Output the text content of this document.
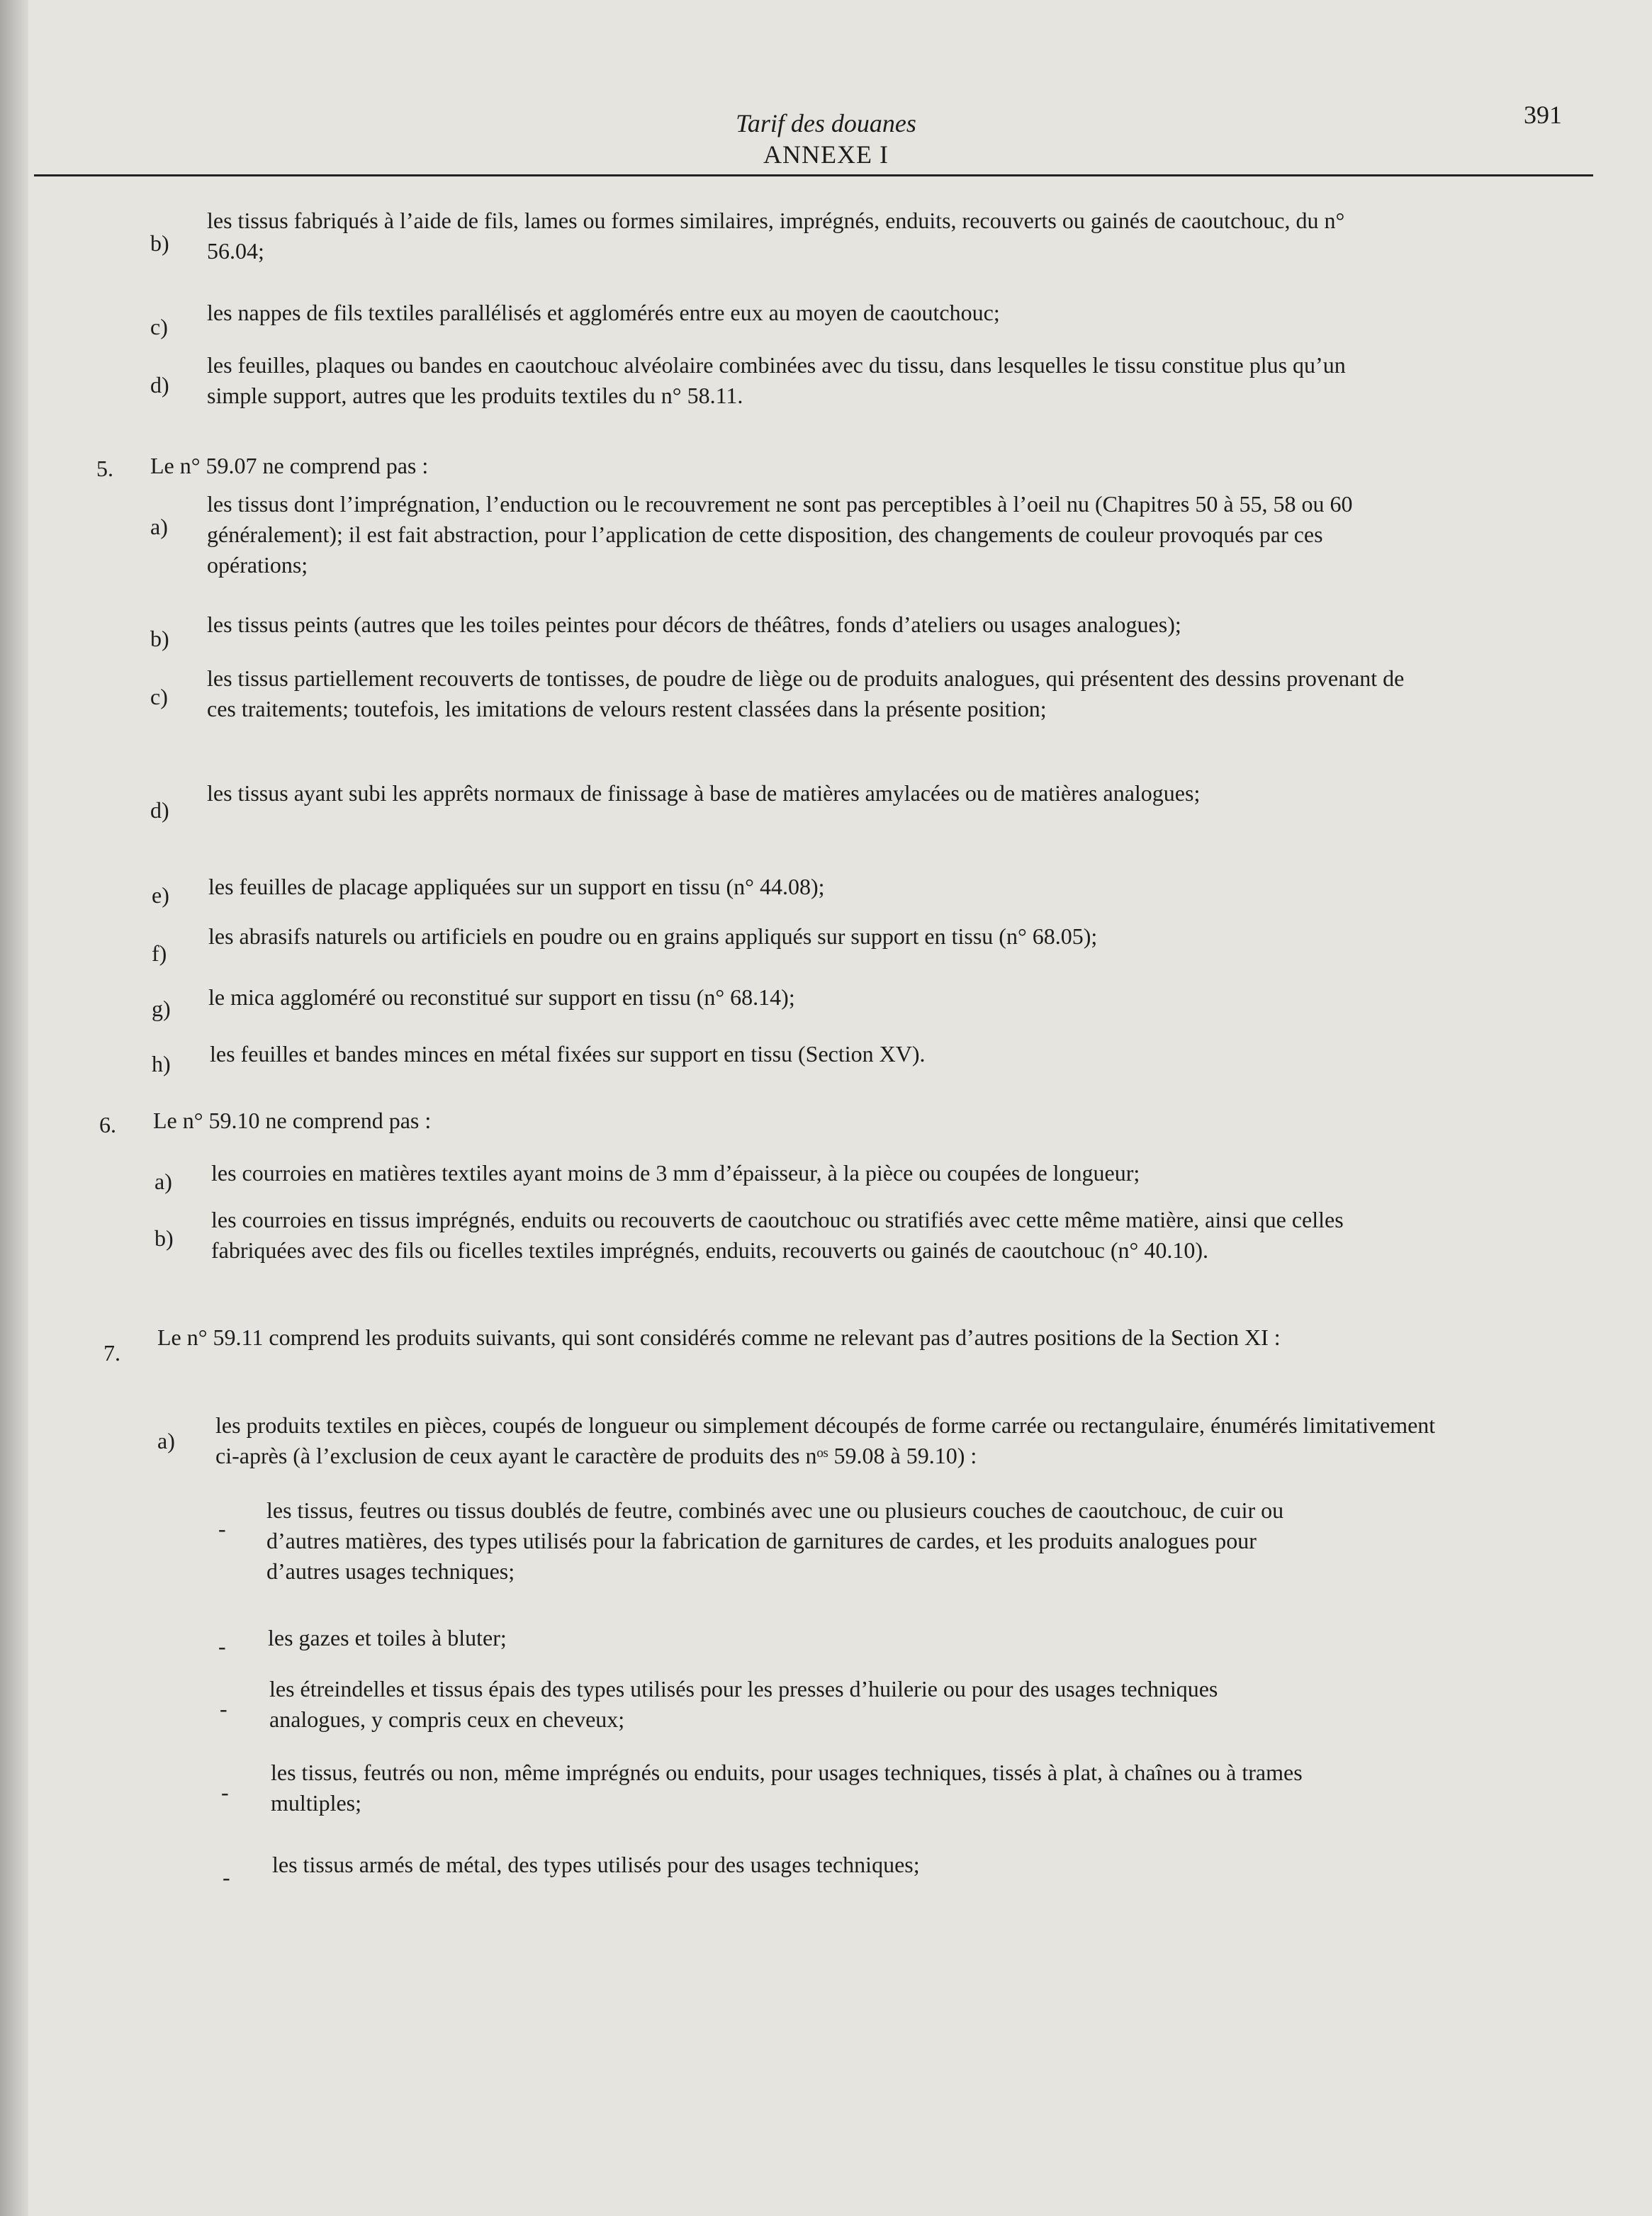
Tarif des douanes
ANNEXE I
391
b)
les tissus fabriqués à l’aide de fils, lames ou formes similaires, imprégnés, enduits, recouverts ou gainés de caoutchouc, du n° 56.04;
c)
les nappes de fils textiles parallélisés et agglomérés entre eux au moyen de caoutchouc;
d)
les feuilles, plaques ou bandes en caoutchouc alvéolaire combinées avec du tissu, dans lesquelles le tissu constitue plus qu’un simple support, autres que les produits textiles du n° 58.11.
5. Le n° 59.07 ne comprend pas :
a)
les tissus dont l’imprégnation, l’enduction ou le recouvrement ne sont pas perceptibles à l’oeil nu (Chapitres 50 à 55, 58 ou 60 généralement); il est fait abstraction, pour l’application de cette disposition, des changements de couleur provoqués par ces opérations;
b)
les tissus peints (autres que les toiles peintes pour décors de théâtres, fonds d’ateliers ou usages analogues);
c)
les tissus partiellement recouverts de tontisses, de poudre de liège ou de produits analogues, qui présentent des dessins provenant de ces traitements; toutefois, les imitations de velours restent classées dans la présente position;
d)
les tissus ayant subi les apprêts normaux de finissage à base de matières amylacées ou de matières analogues;
e) les feuilles de placage appliquées sur un support en tissu (n° 44.08);
f)
les abrasifs naturels ou artificiels en poudre ou en grains appliqués sur support en tissu (n° 68.05);
g) le mica aggloméré ou reconstitué sur support en tissu (n° 68.14);
h) les feuilles et bandes minces en métal fixées sur support en tissu (Section XV).
6. Le n° 59.10 ne comprend pas :
a) les courroies en matières textiles ayant moins de 3 mm d’épaisseur, à la pièce ou coupées de longueur;
b)
les courroies en tissus imprégnés, enduits ou recouverts de caoutchouc ou stratifiés avec cette même matière, ainsi que celles fabriquées avec des fils ou ficelles textiles imprégnés, enduits, recouverts ou gainés de caoutchouc (n° 40.10).
7.
Le n° 59.11 comprend les produits suivants, qui sont considérés comme ne relevant pas d’autres positions de la Section XI :
a)
les produits textiles en pièces, coupés de longueur ou simplement découpés de forme carrée ou rectangulaire, énumérés limitativement ci-après (à l’exclusion de ceux ayant le caractère de produits des nᵒˢ 59.08 à 59.10) :
-
les tissus, feutres ou tissus doublés de feutre, combinés avec une ou plusieurs couches de caoutchouc, de cuir ou d’autres matières, des types utilisés pour la fabrication de garnitures de cardes, et les produits analogues pour d’autres usages techniques;
- les gazes et toiles à bluter;
-
les étreindelles et tissus épais des types utilisés pour les presses d’huilerie ou pour des usages techniques analogues, y compris ceux en cheveux;
-
les tissus, feutrés ou non, même imprégnés ou enduits, pour usages techniques, tissés à plat, à chaînes ou à trames multiples;
- les tissus armés de métal, des types utilisés pour des usages techniques;
